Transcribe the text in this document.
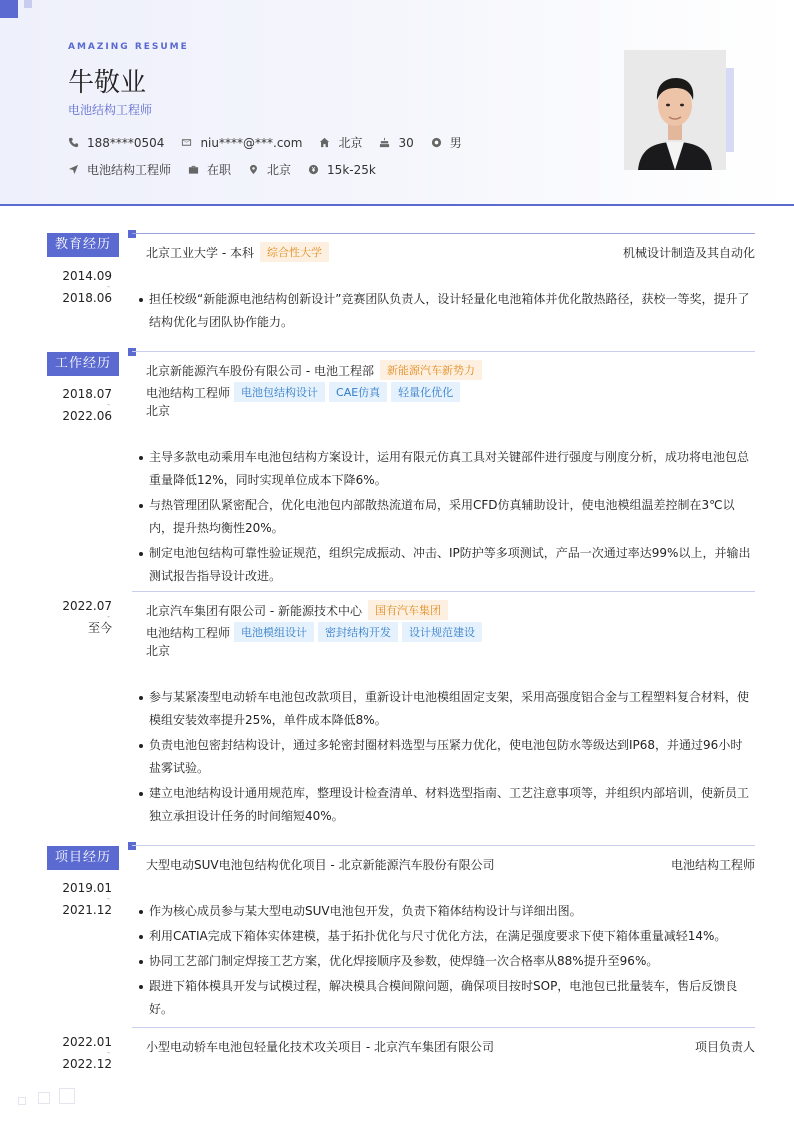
AMAZING RESUME
牛敬业
电池结构工程师
188****0504	niu****@***.com	北京	30	男
电池结构工程师	在职	北京	15k-25k
教育经历
2014.09
-
2018.06
北京工业大学 - 本科	综合性大学	机械设计制造及其自动化
担任校级“新能源电池结构创新设计”竞赛团队负责人，设计轻量化电池箱体并优化散热路径，获校一等奖，提升了结构优化与团队协作能力。
工作经历
2018.07
-
2022.06
北京新能源汽车股份有限公司 - 电池工程部	新能源汽车新势力
电池结构工程师	电池包结构设计	CAE仿真	轻量化优化
北京
主导多款电动乘用车电池包结构方案设计，运用有限元仿真工具对关键部件进行强度与刚度分析，成功将电池包总重量降低12%，同时实现单位成本下降6%。
与热管理团队紧密配合，优化电池包内部散热流道布局，采用CFD仿真辅助设计，使电池模组温差控制在3℃以内，提升热均衡性20%。
制定电池包结构可靠性验证规范，组织完成振动、冲击、IP防护等多项测试，产品一次通过率达99%以上，并输出测试报告指导设计改进。
2022.07
-
至今
北京汽车集团有限公司 - 新能源技术中心	国有汽车集团
电池结构工程师	电池模组设计	密封结构开发	设计规范建设
北京
参与某紧凑型电动轿车电池包改款项目，重新设计电池模组固定支架，采用高强度铝合金与工程塑料复合材料，使模组安装效率提升25%，单件成本降低8%。
负责电池包密封结构设计，通过多轮密封圈材料选型与压紧力优化，使电池包防水等级达到IP68，并通过96小时盐雾试验。
建立电池结构设计通用规范库，整理设计检查清单、材料选型指南、工艺注意事项等，并组织内部培训，使新员工独立承担设计任务的时间缩短40%。
项目经历
2019.01
-
2021.12
大型电动SUV电池包结构优化项目 - 北京新能源汽车股份有限公司	电池结构工程师
作为核心成员参与某大型电动SUV电池包开发，负责下箱体结构设计与详细出图。
利用CATIA完成下箱体实体建模，基于拓扑优化与尺寸优化方法，在满足强度要求下使下箱体重量减轻14%。
协同工艺部门制定焊接工艺方案，优化焊接顺序及参数，使焊缝一次合格率从88%提升至96%。
跟进下箱体模具开发与试模过程，解决模具合模间隙问题，确保项目按时SOP，电池包已批量装车，售后反馈良好。
2022.01
-
2022.12
小型电动轿车电池包轻量化技术攻关项目 - 北京汽车集团有限公司	项目负责人
